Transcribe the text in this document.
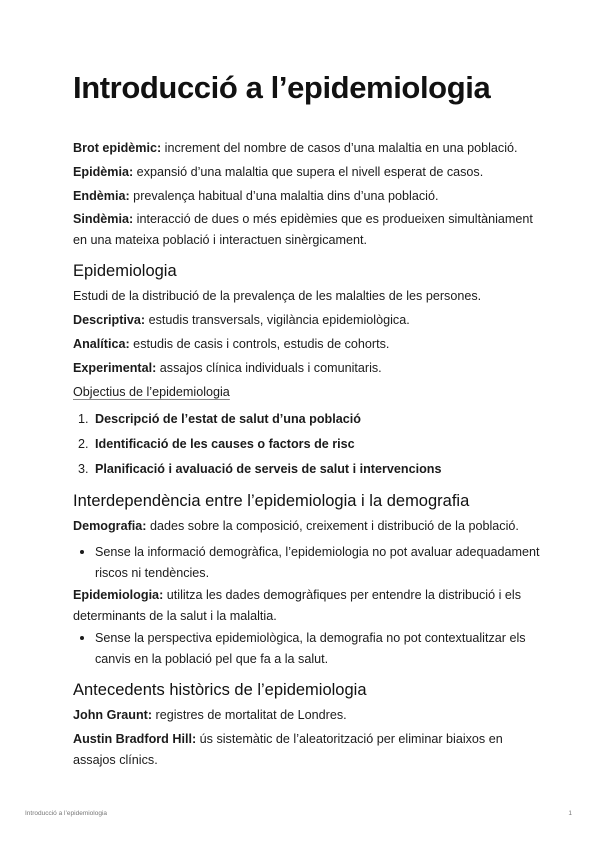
Introducció a l’epidemiologia

Brot epidèmic: increment del nombre de casos d’una malaltia en una població.

Epidèmia: expansió d’una malaltia que supera el nivell esperat de casos.

Endèmia: prevalença habitual d’una malaltia dins d’una població.

Sindèmia: interacció de dues o més epidèmies que es produeixen simultàniament en una mateixa població i interactuen sinèrgicament.

Epidemiologia

Estudi de la distribució de la prevalença de les malalties de les persones.

Descriptiva: estudis transversals, vigilància epidemiològica.

Analítica: estudis de casis i controls, estudis de cohorts.

Experimental: assajos clínica individuals i comunitaris.

Objectius de l’epidemiologia

1. Descripció de l’estat de salut d’una població
2. Identificació de les causes o factors de risc
3. Planificació i avaluació de serveis de salut i intervencions
Interdependència entre l’epidemiologia i la demografia

Demografia: dades sobre la composició, creixement i distribució de la població.

Sense la informació demogràfica, l’epidemiologia no pot avaluar adequadament riscos ni tendències.

Epidemiologia: utilitza les dades demogràfiques per entendre la distribució i els determinants de la salut i la malaltia.

Sense la perspectiva epidemiològica, la demografia no pot contextualitzar els canvis en la població pel que fa a la salut.

Antecedents històrics de l’epidemiologia

John Graunt: registres de mortalitat de Londres.

Austin Bradford Hill: ús sistemàtic de l’aleatorització per eliminar biaixos en assajos clínics.

Introducció a l’epidemiologia	1
